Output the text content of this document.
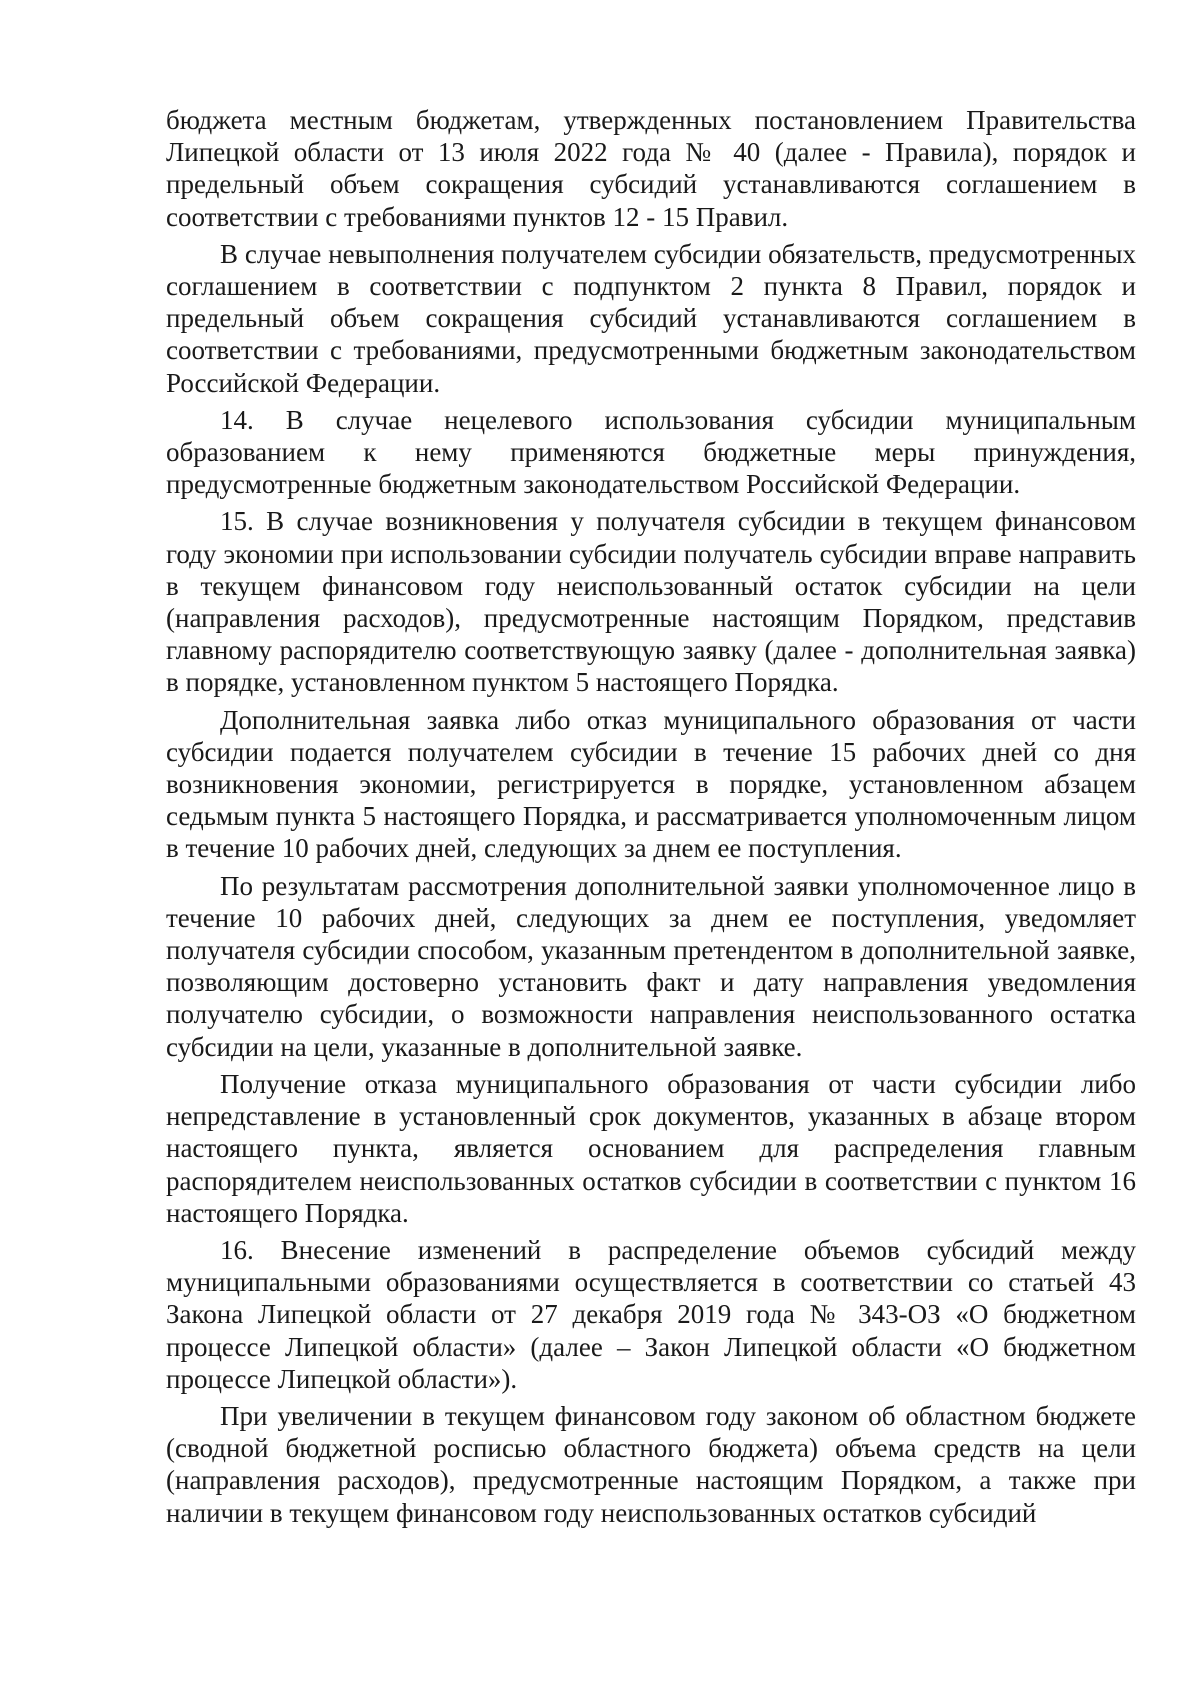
бюджета местным бюджетам, утвержденных постановлением Правительства Липецкой области от 13 июля 2022 года № 40 (далее - Правила), порядок и предельный объем сокращения субсидий устанавливаются соглашением в соответствии с требованиями пунктов 12 - 15 Правил.

В случае невыполнения получателем субсидии обязательств, предусмотренных соглашением в соответствии с подпунктом 2 пункта 8 Правил, порядок и предельный объем сокращения субсидий устанавливаются соглашением в соответствии с требованиями, предусмотренными бюджетным законодательством Российской Федерации.

14. В случае нецелевого использования субсидии муниципальным образованием к нему применяются бюджетные меры принуждения, предусмотренные бюджетным законодательством Российской Федерации.

15. В случае возникновения у получателя субсидии в текущем финансовом году экономии при использовании субсидии получатель субсидии вправе направить в текущем финансовом году неиспользованный остаток субсидии на цели (направления расходов), предусмотренные настоящим Порядком, представив главному распорядителю соответствующую заявку (далее - дополнительная заявка) в порядке, установленном пунктом 5 настоящего Порядка.

Дополнительная заявка либо отказ муниципального образования от части субсидии подается получателем субсидии в течение 15 рабочих дней со дня возникновения экономии, регистрируется в порядке, установленном абзацем седьмым пункта 5 настоящего Порядка, и рассматривается уполномоченным лицом в течение 10 рабочих дней, следующих за днем ее поступления.

По результатам рассмотрения дополнительной заявки уполномоченное лицо в течение 10 рабочих дней, следующих за днем ее поступления, уведомляет получателя субсидии способом, указанным претендентом в дополнительной заявке, позволяющим достоверно установить факт и дату направления уведомления получателю субсидии, о возможности направления неиспользованного остатка субсидии на цели, указанные в дополнительной заявке.

Получение отказа муниципального образования от части субсидии либо непредставление в установленный срок документов, указанных в абзаце втором настоящего пункта, является основанием для распределения главным распорядителем неиспользованных остатков субсидии в соответствии с пунктом 16 настоящего Порядка.

16. Внесение изменений в распределение объемов субсидий между муниципальными образованиями осуществляется в соответствии со статьей 43 Закона Липецкой области от 27 декабря 2019 года № 343-ОЗ «О бюджетном процессе Липецкой области» (далее – Закон Липецкой области «О бюджетном процессе Липецкой области»).

При увеличении в текущем финансовом году законом об областном бюджете (сводной бюджетной росписью областного бюджета) объема средств на цели (направления расходов), предусмотренные настоящим Порядком, а также при наличии в текущем финансовом году неиспользованных остатков субсидий
